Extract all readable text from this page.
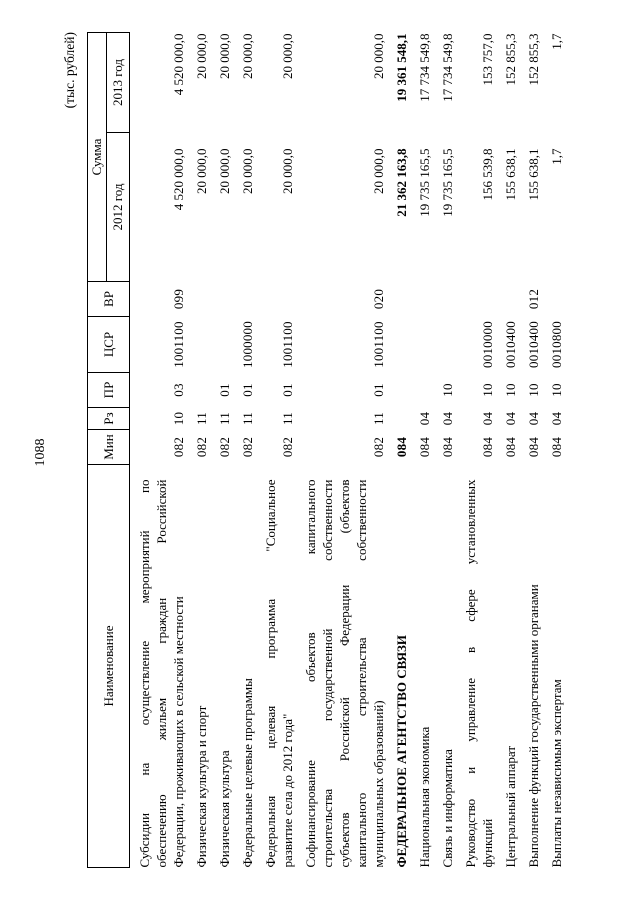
1088
(тыс. рублей)
Наименование	Мин	Рз	ПР	ЦСР	ВР	Сумма	
						2012 год	2013 год

Субсидии на осуществление мероприятий по обеспечению жильем граждан Российской Федерации, проживающих в сельской местности	082	10	03	1001100	099	4 520 000,0	4 520 000,0

Физическая культура и спорт	082	11				20 000,0	20 000,0

Физическая культура	082	11	01			20 000,0	20 000,0

Федеральные целевые программы	082	11	01	1000000		20 000,0	20 000,0

Федеральная целевая программа "Социальное развитие села до 2012 года"	082	11	01	1001100		20 000,0	20 000,0

Софинансирование объектов капитального строительства государственной собственности субъектов Российской Федерации (объектов капитального строительства собственности муниципальных образований)	082	11	01	1001100	020	20 000,0	20 000,0

ФЕДЕРАЛЬНОЕ АГЕНТСТВО СВЯЗИ	084					21 362 163,8	19 361 548,1

Национальная экономика	084	04				19 735 165,5	17 734 549,8

Связь и информатика	084	04	10			19 735 165,5	17 734 549,8

Руководство и управление в сфере установленных функций	084	04	10	0010000		156 539,8	153 757,0

Центральный аппарат	084	04	10	0010400		155 638,1	152 855,3

Выполнение функций государственными органами	084	04	10	0010400	012	155 638,1	152 855,3

Выплаты независимым экспертам	084	04	10	0010800		1,7	1,7
